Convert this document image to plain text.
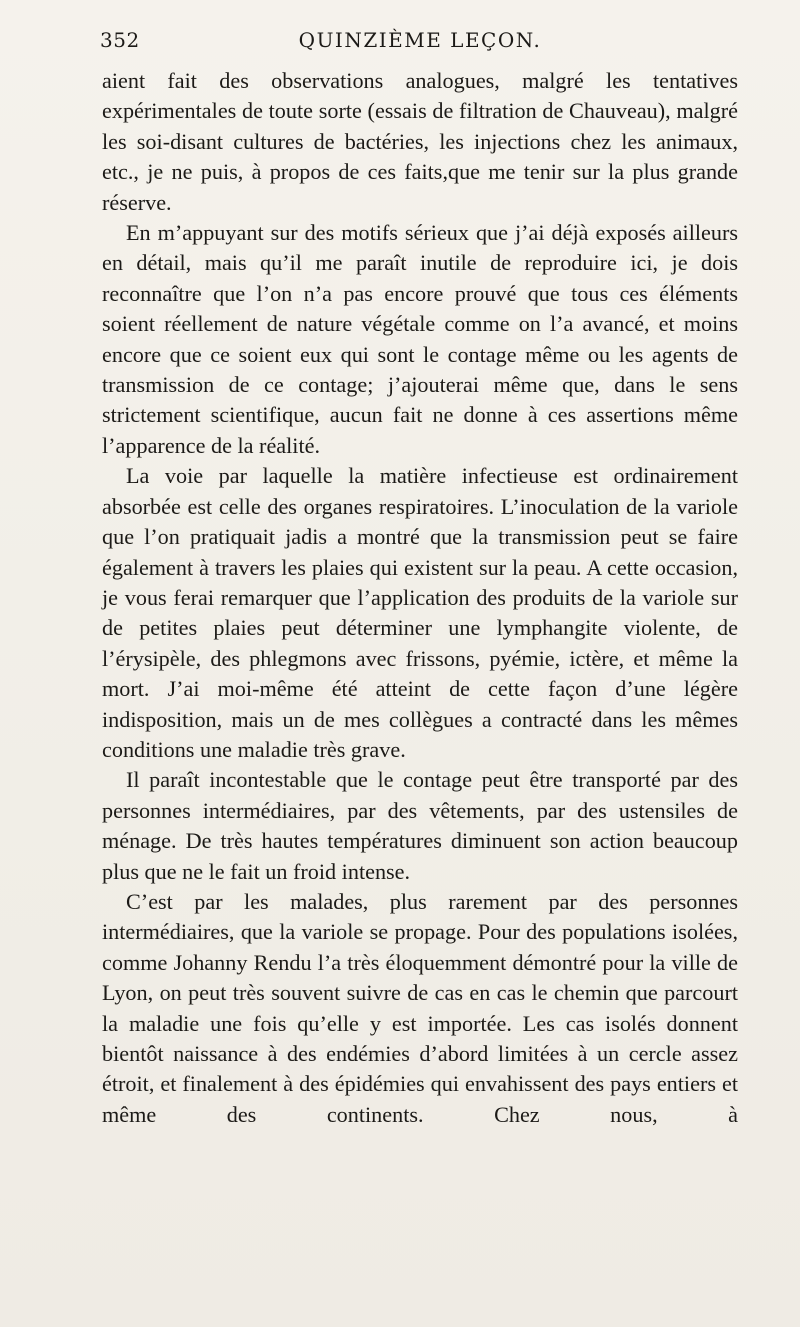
352	QUINZIÈME LEÇON.

aient fait des observations analogues, malgré les tentatives expérimentales de toute sorte (essais de filtration de Chauveau), malgré les soi-disant cultures de bactéries, les injections chez les animaux, etc., je ne puis, à propos de ces faits,que me tenir sur la plus grande réserve.

En m’appuyant sur des motifs sérieux que j’ai déjà exposés ailleurs en détail, mais qu’il me paraît inutile de reproduire ici, je dois reconnaître que l’on n’a pas encore prouvé que tous ces éléments soient réellement de nature végétale comme on l’a avancé, et moins encore que ce soient eux qui sont le contage même ou les agents de transmission de ce contage; j’ajouterai même que, dans le sens strictement scientifique, aucun fait ne donne à ces assertions même l’apparence de la réalité.

La voie par laquelle la matière infectieuse est ordinairement absorbée est celle des organes respiratoires. L’inoculation de la variole que l’on pratiquait jadis a montré que la transmission peut se faire également à travers les plaies qui existent sur la peau. A cette occasion, je vous ferai remarquer que l’application des produits de la variole sur de petites plaies peut déterminer une lymphangite violente, de l’érysipèle, des phlegmons avec frissons, pyémie, ictère, et même la mort. J’ai moi-même été atteint de cette façon d’une légère indisposition, mais un de mes collègues a contracté dans les mêmes conditions une maladie très grave.

Il paraît incontestable que le contage peut être transporté par des personnes intermédiaires, par des vêtements, par des ustensiles de ménage. De très hautes températures diminuent son action beaucoup plus que ne le fait un froid intense.

C’est par les malades, plus rarement par des personnes intermédiaires, que la variole se propage. Pour des populations isolées, comme Johanny Rendu l’a très éloquemment démontré pour la ville de Lyon, on peut très souvent suivre de cas en cas le chemin que parcourt la maladie une fois qu’elle y est importée. Les cas isolés donnent bientôt naissance à des endémies d’abord limitées à un cercle assez étroit, et finalement à des épidémies qui envahissent des pays entiers et même des continents. Chez nous, à
